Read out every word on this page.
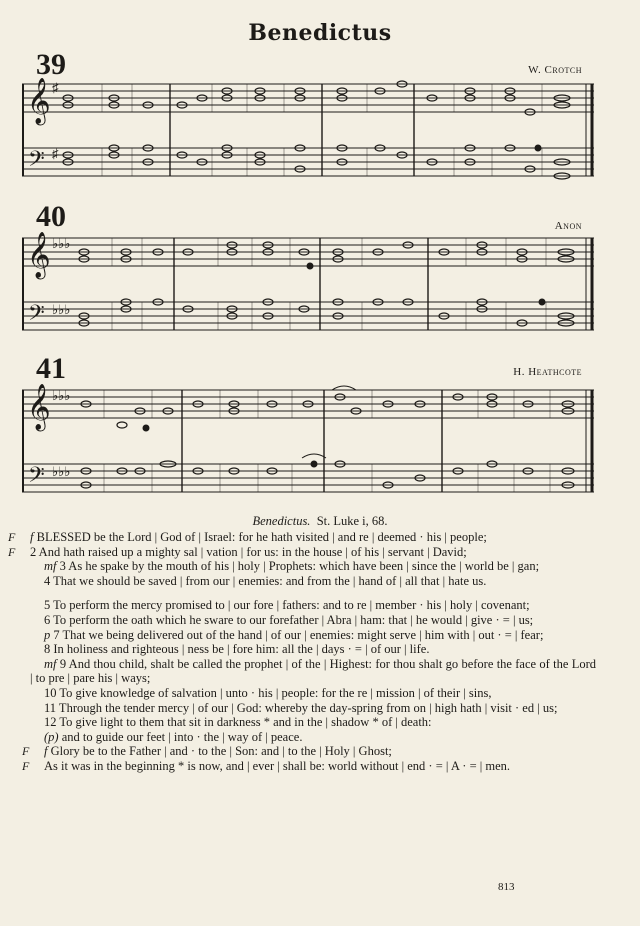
Benedictus
39	W. Crotch
𝄞
𝄢
♯
♯
40	Anon
𝄞
𝄢
♭♭♭
♭♭♭
41	H. Heathcote
𝄞
𝄢
♭♭♭
♭♭♭
Benedictus. St. Luke i, 68.

F f BLESSED be the Lord | God of | Israel: for he hath visited | and re | deemed · his | people;

F 2 And hath raised up a mighty sal | vation | for us: in the house | of his | servant | David;

mf 3 As he spake by the mouth of his | holy | Prophets: which have been | since the | world be | gan;

4 That we should be saved | from our | enemies: and from the | hand of | all that | hate us.

5 To perform the mercy promised to | our fore | fathers: and to re | member · his | holy | covenant;

6 To perform the oath which he sware to our forefather | Abra | ham: that | he would | give · = | us;

p 7 That we being delivered out of the hand | of our | enemies: might serve | him with | out · = | fear;

8 In holiness and righteous | ness be | fore him: all the | days · = | of our | life.

mf 9 And thou child, shalt be called the prophet | of the | Highest: for thou shalt go before the face of the Lord | to pre | pare his | ways;

10 To give knowledge of salvation | unto · his | people: for the re | mission | of their | sins,

11 Through the tender mercy | of our | God: whereby the day-spring from on | high hath | visit · ed | us;

12 To give light to them that sit in darkness * and in the | shadow * of | death:

(p) and to guide our feet | into · the | way of | peace.

F f Glory be to the Father | and · to the | Son: and | to the | Holy | Ghost;

F As it was in the beginning * is now, and | ever | shall be: world without | end · = | A · = | men.

813
